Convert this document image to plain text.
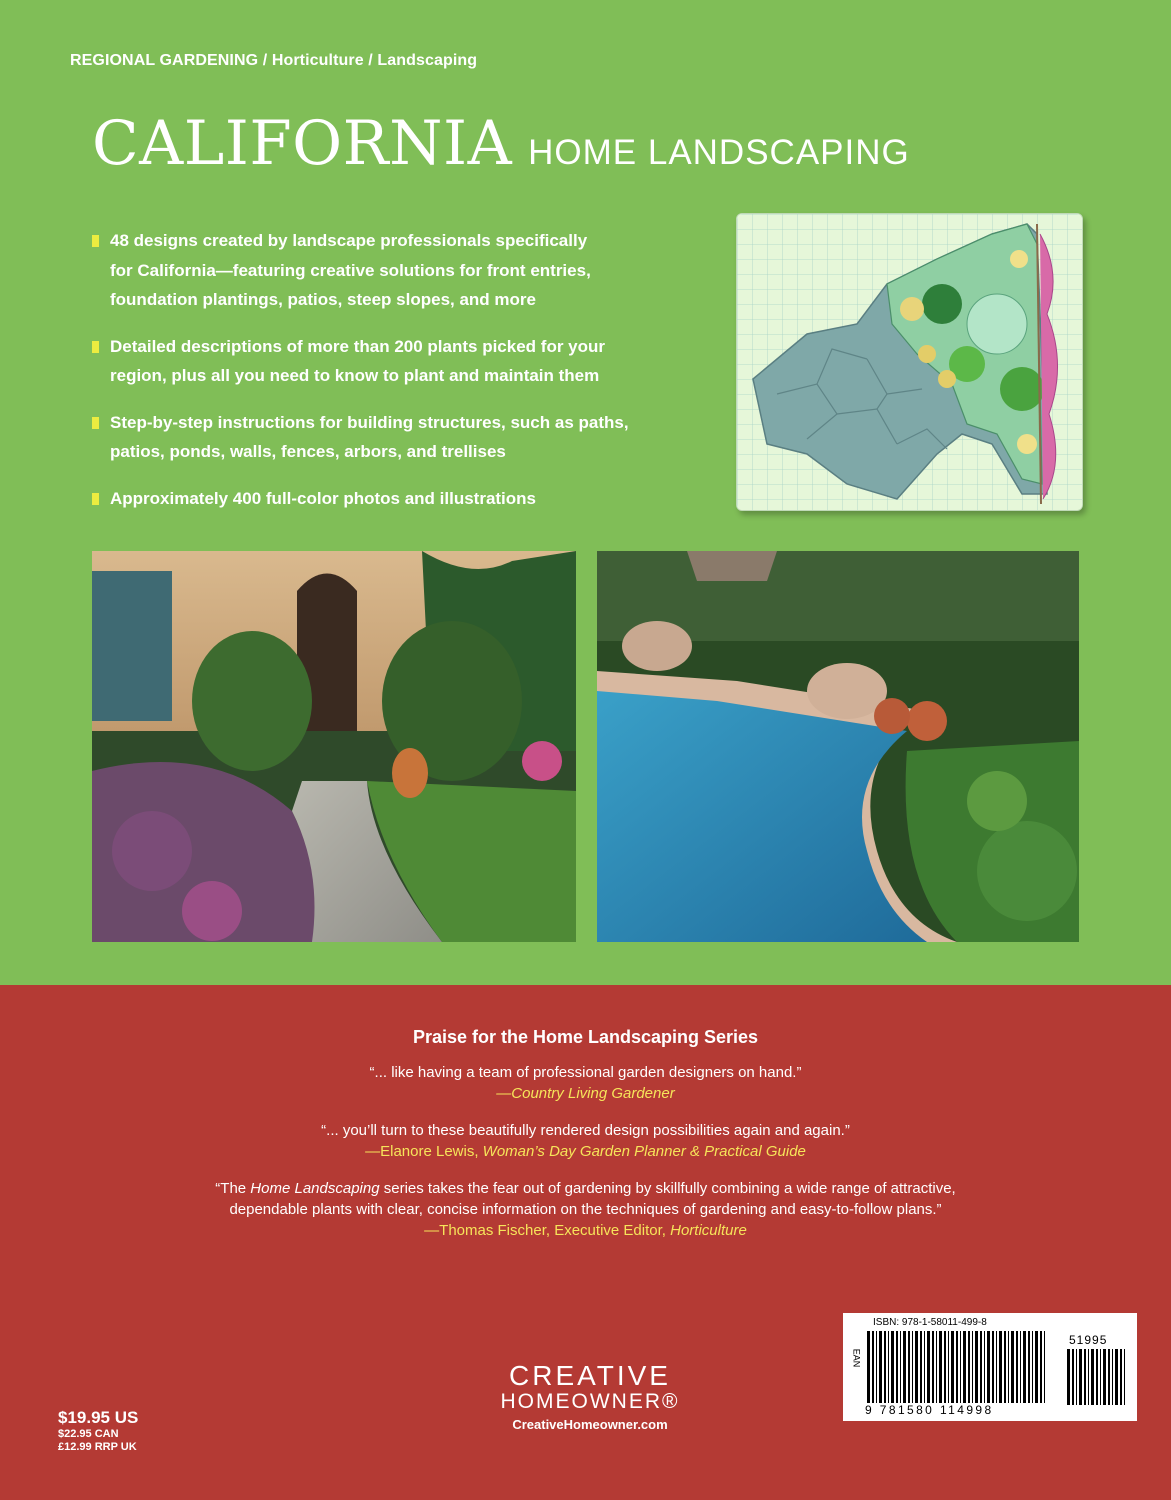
REGIONAL GARDENING / Horticulture / Landscaping
CALIFORNIA HOME LANDSCAPING
48 designs created by landscape professionals specifically
for California—featuring creative solutions for front entries,
foundation plantings, patios, steep slopes, and more
Detailed descriptions of more than 200 plants picked for your
region, plus all you need to know to plant and maintain them
Step-by-step instructions for building structures, such as paths,
patios, ponds, walls, fences, arbors, and trellises
Approximately 400 full-color photos and illustrations
Praise for the Home Landscaping Series
“... like having a team of professional garden designers on hand.”
—Country Living Gardener
“... you’ll turn to these beautifully rendered design possibilities again and again.”
—Elanore Lewis, Woman’s Day Garden Planner & Practical Guide
“The Home Landscaping series takes the fear out of gardening by skillfully combining a wide range of attractive,
dependable plants with clear, concise information on the techniques of gardening and easy-to-follow plans.”
—Thomas Fischer, Executive Editor, Horticulture
ISBN: 978-1-58011-499-8
EAN
51995
9 781580 114998
CREATIVE
HOMEOWNER®
CreativeHomeowner.com
$19.95 US
$22.95 CAN
£12.99 RRP UK
